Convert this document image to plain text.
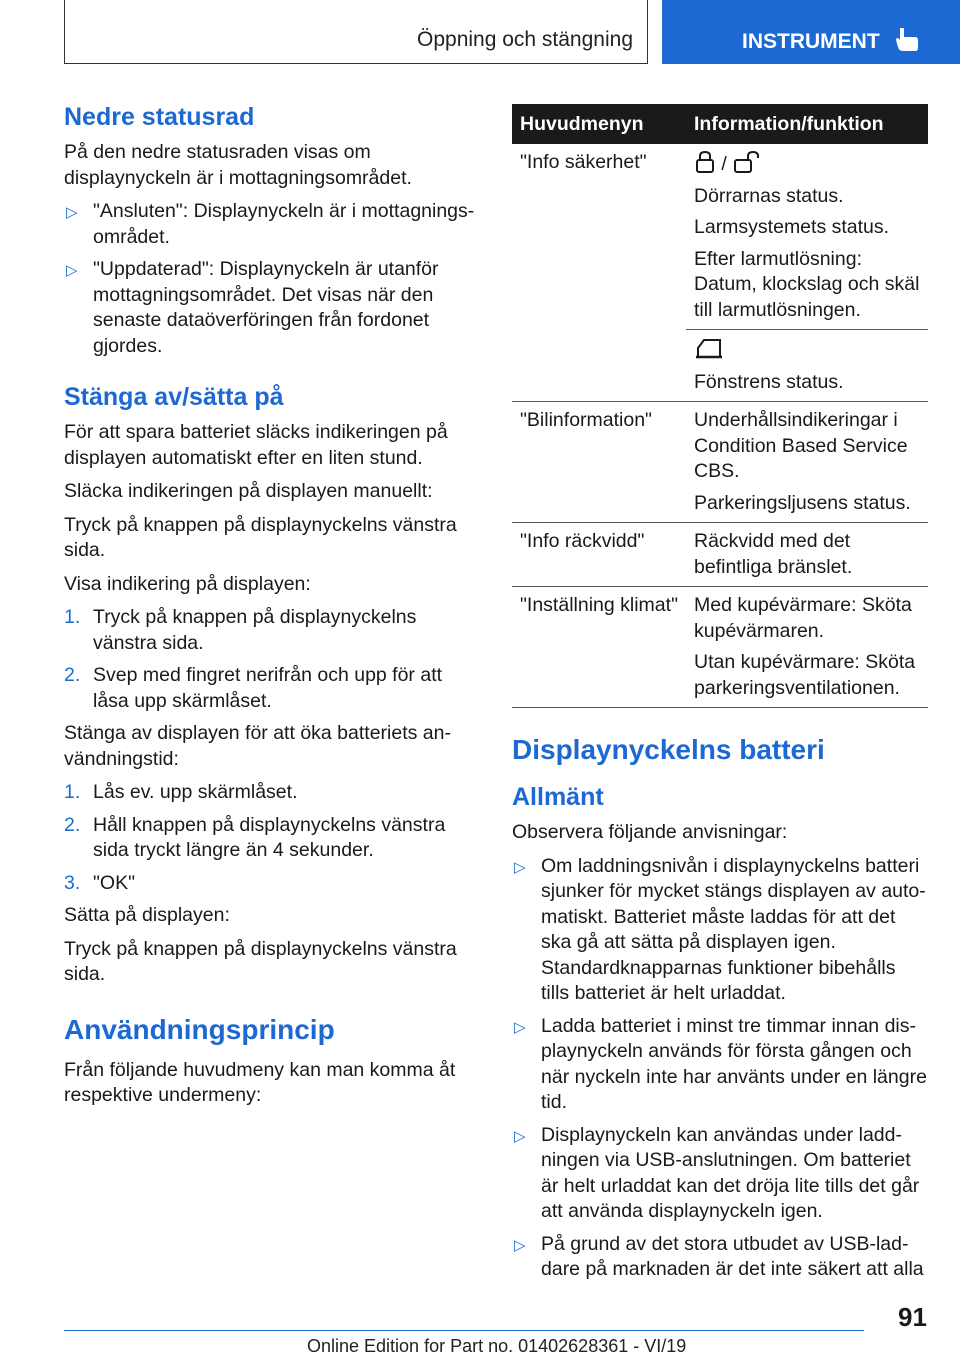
Öppning och stängning	INSTRUMENT
Nedre statusrad

På den nedre statusraden visas om displaynyckeln är i mottagningsområdet.

▷ "Ansluten": Displaynyckeln är i mottagningsområdet.
▷ "Uppdaterad": Displaynyckeln är utanför mottagningsområdet. Det visas när den senaste dataöverföringen från fordonet gjordes.
Stänga av/sätta på

För att spara batteriet släcks indikeringen på displayen automatiskt efter en liten stund.

Släcka indikeringen på displayen manuellt:

Tryck på knappen på displaynyckelns vänstra sida.

Visa indikering på displayen:

1. Tryck på knappen på displaynyckelns vänstra sida.
2. Svep med fingret nerifrån och upp för att låsa upp skärmlåset.

Stänga av displayen för att öka batteriets användningstid:

1. Lås ev. upp skärmlåset.
2. Håll knappen på displaynyckelns vänstra sida tryckt längre än 4 sekunder.
3. "OK"

Sätta på displayen:

Tryck på knappen på displaynyckelns vänstra sida.

Användningsprincip

Från följande huvudmeny kan man komma åt respektive undermeny:

Huvudmenyn	Information/funktion
"Info säkerhet"	/
Dörrarnas status.
Larmsystemets status.
Efter larmutlösning: Datum, klockslag och skäl till larmutlösningen.

	Fönstrens status.

"Bilinformation"	Underhållsindikeringar i Condition Based Service CBS.
Parkeringsljusens status.

"Info räckvidd"	Räckvidd med det befintliga bränslet.

"Inställning klimat"	Med kupévärmare: Sköta kupévärmaren.
Utan kupévärmare: Sköta parkeringsventilationen.
Displaynyckelns batteri
Allmänt

Observera följande anvisningar:

▷ Om laddningsnivån i displaynyckelns batteri sjunker för mycket stängs displayen av automatiskt. Batteriet måste laddas för att det ska gå att sätta på displayen igen. Standardknapparnas funktioner bibehålls tills batteriet är helt urladdat.
▷ Ladda batteriet i minst tre timmar innan displaynyckeln används för första gången och när nyckeln inte har använts under en längre tid.
▷ Displaynyckeln kan användas under laddningen via USB-anslutningen. Om batteriet är helt urladdat kan det dröja lite tills det går att använda displaynyckeln igen.
▷ På grund av det stora utbudet av USB-laddare på marknaden är det inte säkert att alla
91
Online Edition for Part no. 01402628361 - VI/19
